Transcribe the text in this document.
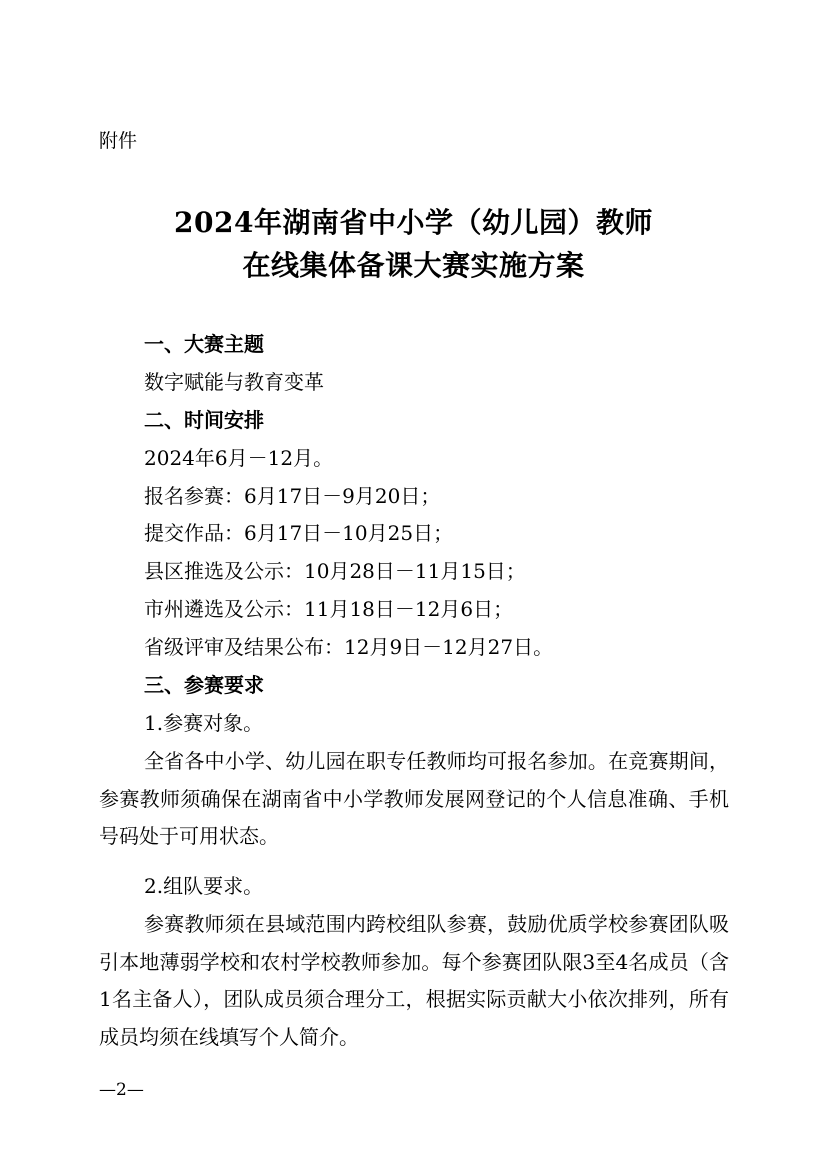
附件
2024年湖南省中小学（幼儿园）教师
在线集体备课大赛实施方案
一、大赛主题
数字赋能与教育变革
二、时间安排
2024年6月－12月。
报名参赛：6月17日－9月20日；
提交作品：6月17日－10月25日；
县区推选及公示：10月28日－11月15日；
市州遴选及公示：11月18日－12月6日；
省级评审及结果公布：12月9日－12月27日。
三、参赛要求
1.参赛对象。
全省各中小学、幼儿园在职专任教师均可报名参加。在竞赛期间，参赛教师须确保在湖南省中小学教师发展网登记的个人信息准确、手机号码处于可用状态。
2.组队要求。
参赛教师须在县域范围内跨校组队参赛，鼓励优质学校参赛团队吸引本地薄弱学校和农村学校教师参加。每个参赛团队限3至4名成员（含1名主备人），团队成员须合理分工，根据实际贡献大小依次排列，所有成员均须在线填写个人简介。
—2—
